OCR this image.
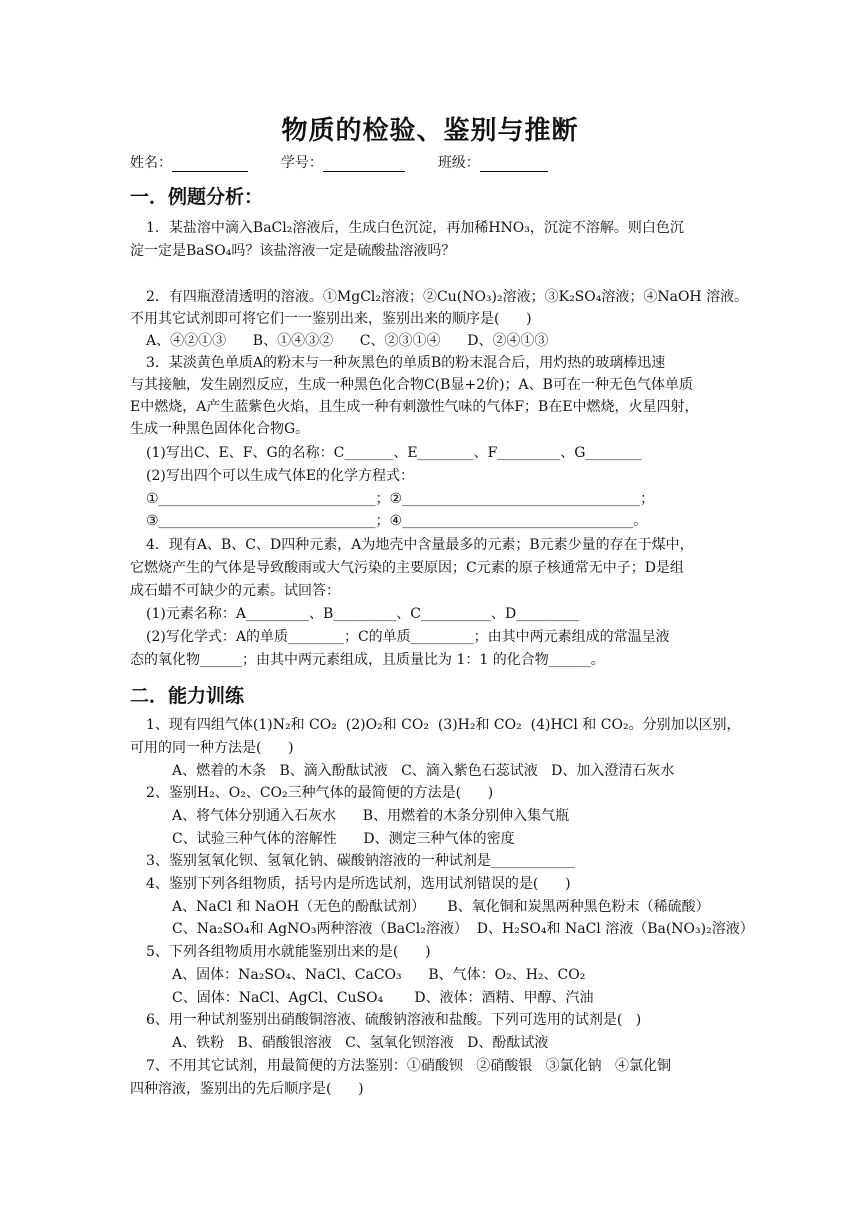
物质的检验、鉴别与推断
姓名：	学号：	班级：
一．例题分析：
1．某盐溶中滴入BaCl₂溶液后，生成白色沉淀，再加稀HNO₃，沉淀不溶解。则白色沉
淀一定是BaSO₄吗？该盐溶液一定是硫酸盐溶液吗？
2．有四瓶澄清透明的溶液。①MgCl₂溶液；②Cu(NO₃)₂溶液；③K₂SO₄溶液；④NaOH 溶液。
不用其它试剂即可将它们一一鉴别出来，鉴别出来的顺序是(      )
A、④②①③      B、①④③②      C、②③①④      D、②④①③
3．某淡黄色单质A的粉末与一种灰黑色的单质B的粉末混合后，用灼热的玻璃棒迅速
与其接触，发生剧烈反应，生成一种黑色化合物C(B显+2价)；A、B可在一种无色气体单质
E中燃烧，A产生蓝紫色火焰，且生成一种有刺激性气味的气体F；B在E中燃烧，火星四射，
生成一种黑色固体化合物G。
(1)写出C、E、F、G的名称：C_______、E________、F_________、G________
(2)写出四个可以生成气体E的化学方程式：
①_______________________________；②__________________________________；
③_______________________________；④_________________________________。
4．现有A、B、C、D四种元素，A为地壳中含量最多的元素；B元素少量的存在于煤中，
它燃烧产生的气体是导致酸雨或大气污染的主要原因；C元素的原子核通常无中子；D是组
成石蜡不可缺少的元素。试回答：
(1)元素名称：A_________、B_________、C__________、D_________
(2)写化学式：A的单质________；C的单质_________；由其中两元素组成的常温呈液
态的氧化物______；由其中两元素组成，且质量比为 1：1 的化合物______。
二．能力训练
1、现有四组气体(1)N₂和 CO₂  (2)O₂和 CO₂  (3)H₂和 CO₂  (4)HCl 和 CO₂。分别加以区别，
可用的同一种方法是(      )
A、燃着的木条   B、滴入酚酞试液   C、滴入紫色石蕊试液   D、加入澄清石灰水
2、鉴别H₂、O₂、CO₂三种气体的最简便的方法是(      )
A、将气体分别通入石灰水      B、用燃着的木条分别伸入集气瓶
C、试验三种气体的溶解性      D、测定三种气体的密度
3、鉴别氢氧化钡、氢氧化钠、碳酸钠溶液的一种试剂是____________
4、鉴别下列各组物质，括号内是所选试剂，选用试剂错误的是(      )
A、NaCl 和 NaOH（无色的酚酞试剂）     B、氧化铜和炭黑两种黑色粉末（稀硫酸）
C、Na₂SO₄和 AgNO₃两种溶液（BaCl₂溶液）  D、H₂SO₄和 NaCl 溶液（Ba(NO₃)₂溶液）
5、下列各组物质用水就能鉴别出来的是(      )
A、固体：Na₂SO₄、NaCl、CaCO₃      B、气体：O₂、H₂、CO₂
C、固体：NaCl、AgCl、CuSO₄       D、液体：酒精、甲醇、汽油
6、用一种试剂鉴别出硝酸铜溶液、硫酸钠溶液和盐酸。下列可选用的试剂是(   )
A、铁粉   B、硝酸银溶液   C、氢氧化钡溶液   D、酚酞试液
7、不用其它试剂，用最简便的方法鉴别：①硝酸钡   ②硝酸银   ③氯化钠   ④氯化铜
四种溶液，鉴别出的先后顺序是(      )
